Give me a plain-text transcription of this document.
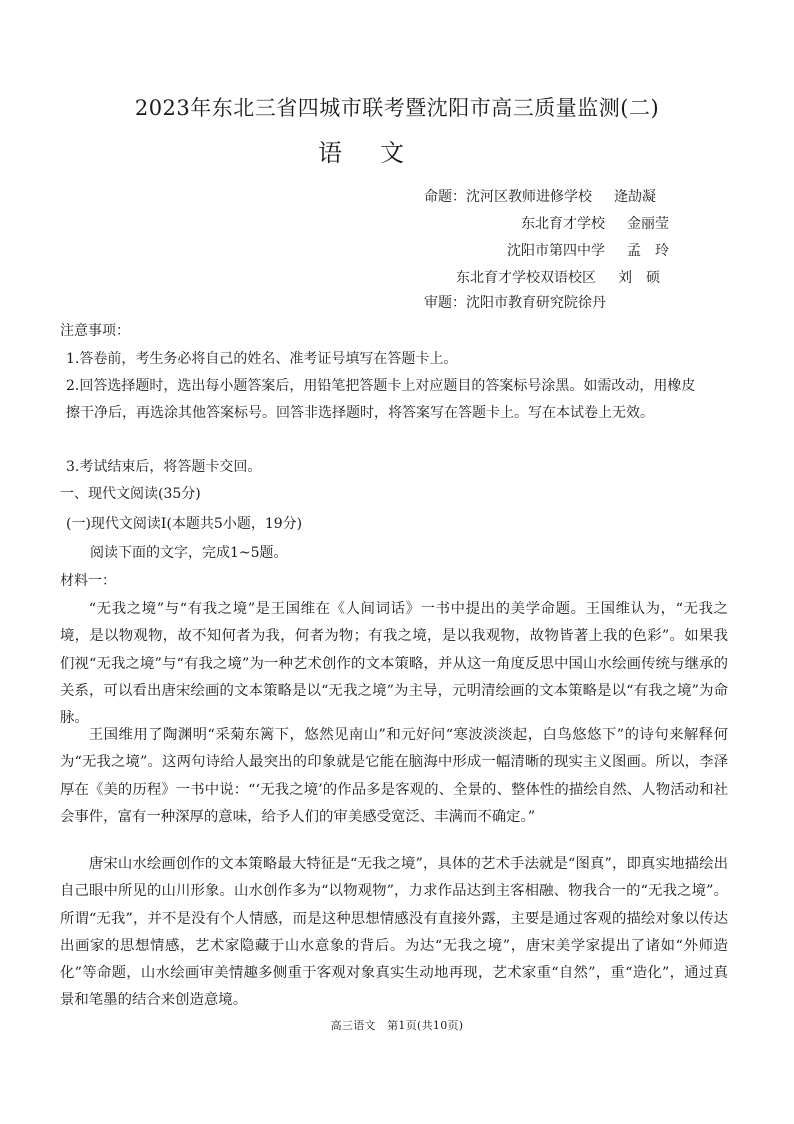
2023年东北三省四城市联考暨沈阳市高三质量监测(二)
语文
命题：沈河区教师进修学校 逄劼凝
东北育才学校 金丽莹
沈阳市第四中学 孟　玲
东北育才学校双语校区 刘　硕
审题：沈阳市教育研究院徐丹
注意事项：
1.答卷前，考生务必将自己的姓名、准考证号填写在答题卡上。
2.回答选择题时，选出每小题答案后，用铅笔把答题卡上对应题目的答案标号涂黑。如需改动，用橡皮擦干净后，再选涂其他答案标号。回答非选择题时，将答案写在答题卡上。写在本试卷上无效。
3.考试结束后，将答题卡交回。
一、现代文阅读(35分)
(一)现代文阅读Ⅰ(本题共5小题，19分)
阅读下面的文字，完成1~5题。
材料一：

“无我之境”与“有我之境”是王国维在《人间词话》一书中提出的美学命题。王国维认为，“无我之境，是以物观物，故不知何者为我，何者为物；有我之境，是以我观物，故物皆著上我的色彩”。如果我们视“无我之境”与“有我之境”为一种艺术创作的文本策略，并从这一角度反思中国山水绘画传统与继承的关系，可以看出唐宋绘画的文本策略是以“无我之境”为主导，元明清绘画的文本策略是以“有我之境”为命脉。

王国维用了陶渊明“采菊东篱下，悠然见南山”和元好问“寒波淡淡起，白鸟悠悠下”的诗句来解释何为“无我之境”。这两句诗给人最突出的印象就是它能在脑海中形成一幅清晰的现实主义图画。所以，李泽厚在《美的历程》一书中说：“‘无我之境’的作品多是客观的、全景的、整体性的描绘自然、人物活动和社会事件，富有一种深厚的意味，给予人们的审美感受宽泛、丰满而不确定。”

唐宋山水绘画创作的文本策略最大特征是“无我之境”，具体的艺术手法就是“图真”，即真实地描绘出自己眼中所见的山川形象。山水创作多为“以物观物”，力求作品达到主客相融、物我合一的“无我之境”。所谓“无我”，并不是没有个人情感，而是这种思想情感没有直接外露，主要是通过客观的描绘对象以传达出画家的思想情感，艺术家隐藏于山水意象的背后。为达“无我之境”，唐宋美学家提出了诸如“外师造化”等命题，山水绘画审美情趣多侧重于客观对象真实生动地再现，艺术家重“自然”，重“造化”，通过真景和笔墨的结合来创造意境。

高三语文　第1页(共10页)
